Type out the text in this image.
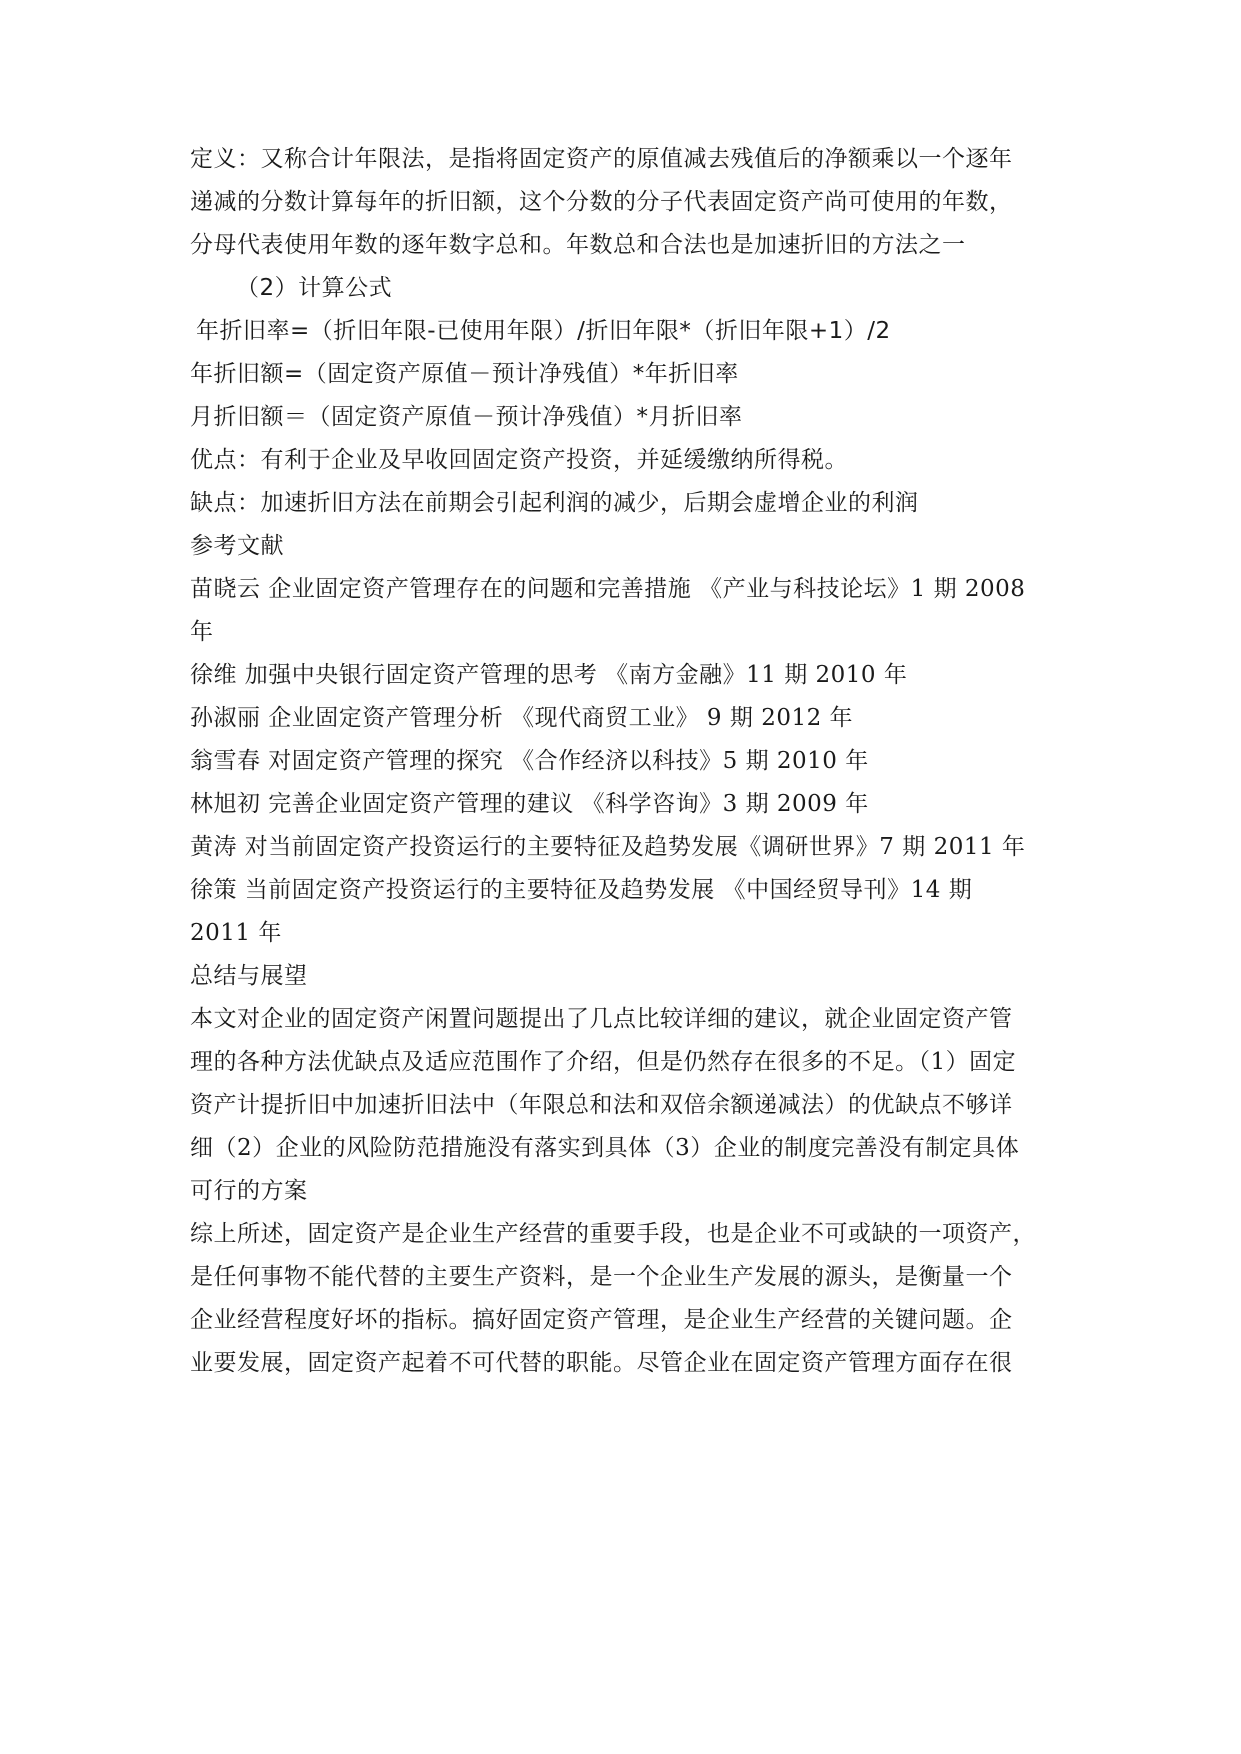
定义：又称合计年限法，是指将固定资产的原值减去残值后的净额乘以一个逐年
递减的分数计算每年的折旧额，这个分数的分子代表固定资产尚可使用的年数，
分母代表使用年数的逐年数字总和。年数总和合法也是加速折旧的方法之一
（2）计算公式
年折旧率=（折旧年限-已使用年限）/折旧年限*（折旧年限+1）/2
年折旧额=（固定资产原值－预计净残值）*年折旧率
月折旧额＝（固定资产原值－预计净残值）*月折旧率
优点：有利于企业及早收回固定资产投资，并延缓缴纳所得税。
缺点：加速折旧方法在前期会引起利润的减少，后期会虚增企业的利润
参考文献
苗晓云 企业固定资产管理存在的问题和完善措施 《产业与科技论坛》1 期 2008
年
徐维 加强中央银行固定资产管理的思考 《南方金融》11 期 2010 年
孙淑丽 企业固定资产管理分析 《现代商贸工业》 9 期 2012 年
翁雪春 对固定资产管理的探究 《合作经济以科技》5 期 2010 年
林旭初 完善企业固定资产管理的建议 《科学咨询》3 期 2009 年
黄涛 对当前固定资产投资运行的主要特征及趋势发展《调研世界》7 期 2011 年
徐策 当前固定资产投资运行的主要特征及趋势发展 《中国经贸导刊》14 期
2011 年
总结与展望
本文对企业的固定资产闲置问题提出了几点比较详细的建议，就企业固定资产管
理的各种方法优缺点及适应范围作了介绍，但是仍然存在很多的不足。（1）固定
资产计提折旧中加速折旧法中（年限总和法和双倍余额递减法）的优缺点不够详
细（2）企业的风险防范措施没有落实到具体（3）企业的制度完善没有制定具体
可行的方案
综上所述，固定资产是企业生产经营的重要手段，也是企业不可或缺的一项资产，
是任何事物不能代替的主要生产资料，是一个企业生产发展的源头，是衡量一个
企业经营程度好坏的指标。搞好固定资产管理，是企业生产经营的关键问题。企
业要发展，固定资产起着不可代替的职能。尽管企业在固定资产管理方面存在很
